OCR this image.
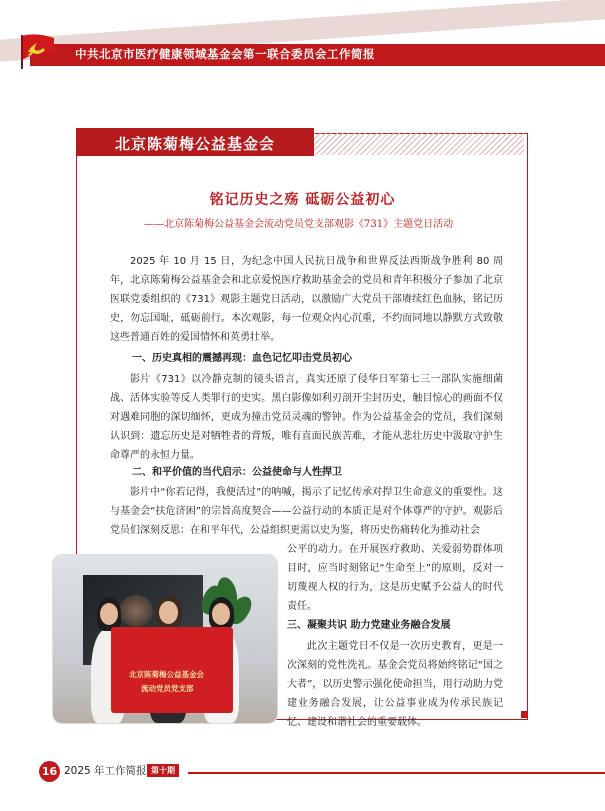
中共北京市医疗健康领域基金会第一联合委员会工作简报
北京陈菊梅公益基金会
铭记历史之殇 砥砺公益初心
——北京陈菊梅公益基金会流动党员党支部观影《731》主题党日活动

2025 年 10 月 15 日，为纪念中国人民抗日战争和世界反法西斯战争胜利 80 周年，北京陈菊梅公益基金会和北京爱悦医疗救助基金会的党员和青年积极分子参加了北京医联党委组织的《731》观影主题党日活动，以激励广大党员干部赓续红色血脉，铭记历史，勿忘国耻，砥砺前行。本次观影，每一位观众内心沉重，不约而同地以静默方式致敬这些普通百姓的爱国情怀和英勇壮举。

一、历史真相的震撼再现：血色记忆叩击党员初心

影片《731》以冷静克制的镜头语言，真实还原了侵华日军第七三一部队实施细菌战、活体实验等反人类罪行的史实。黑白影像如利刃剖开尘封历史，触目惊心的画面不仅对遇难同胞的深切缅怀，更成为撞击党员灵魂的警钟。作为公益基金会的党员，我们深刻认识到：遗忘历史是对牺牲者的背叛，唯有直面民族苦难，才能从悲壮历史中汲取守护生命尊严的永恒力量。

二、和平价值的当代启示：公益使命与人性捍卫

影片中“你若记得，我便活过”的呐喊，揭示了记忆传承对捍卫生命意义的重要性。这与基金会“扶危济困”的宗旨高度契合——公益行动的本质正是对个体尊严的守护。观影后党员们深刻反思：在和平年代，公益组织更需以史为鉴，将历史伤痛转化为推动社会

公平的动力。在开展医疗救助、关爱弱势群体项目时，应当时刻铭记“生命至上”的原则，反对一切蔑视人权的行为，这是历史赋予公益人的时代责任。

三、凝聚共识 助力党建业务融合发展

此次主题党日不仅是一次历史教育，更是一次深刻的党性洗礼。基金会党员将始终铭记“国之大者”，以历史警示强化使命担当，用行动助力党建业务融合发展，让公益事业成为传承民族记忆、建设和谐社会的重要载体。

北京陈菊梅公益基金会
流动党员党支部
16 2025 年工作简报 第十期
